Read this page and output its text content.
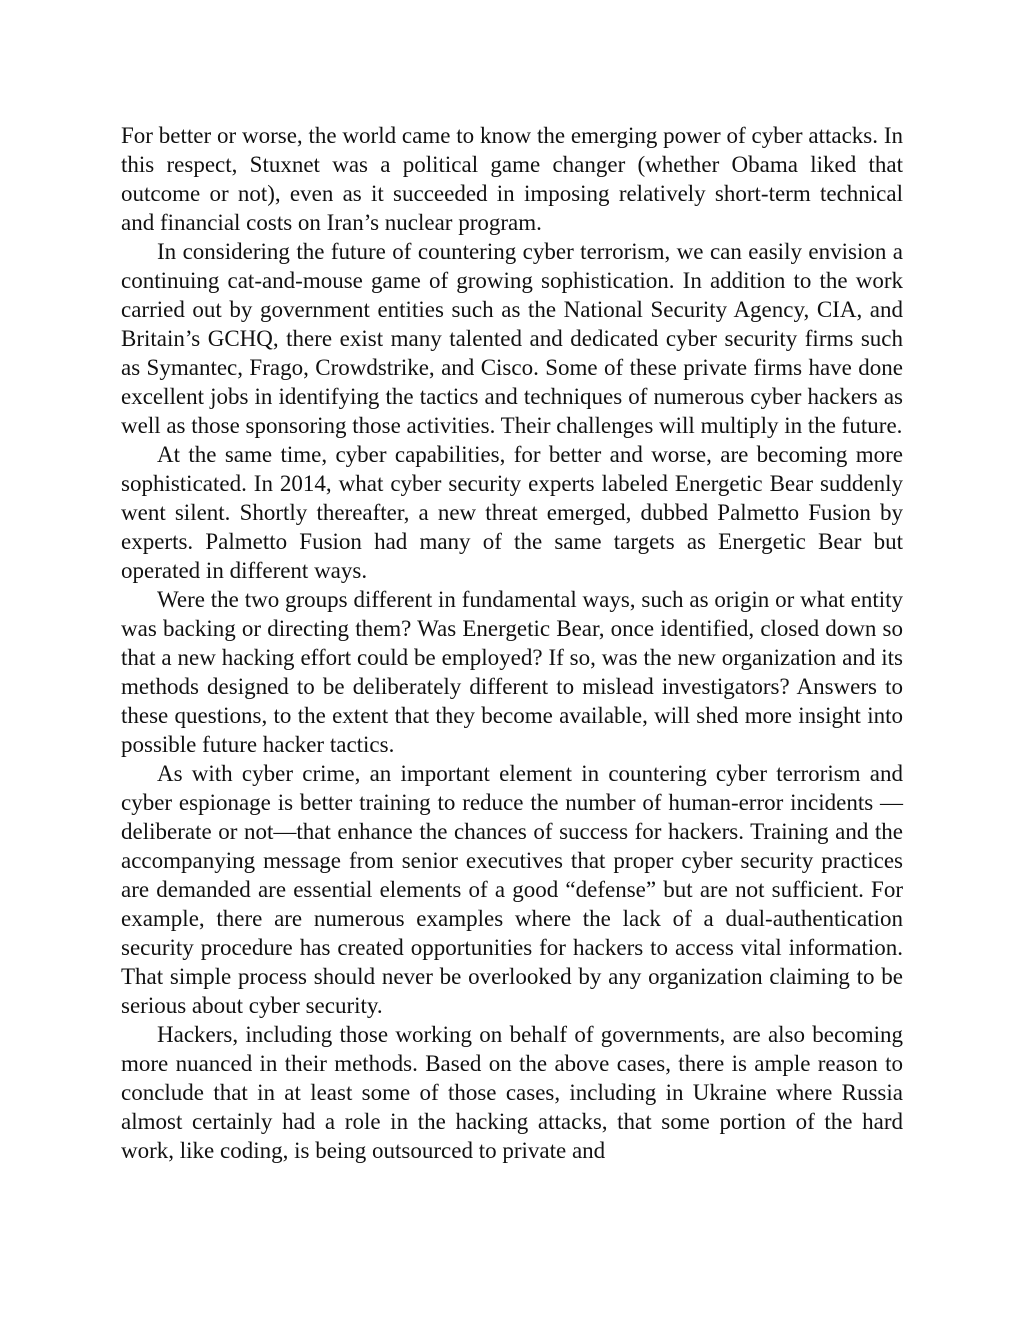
For better or worse, the world came to know the emerging power of cyber attacks. In this respect, Stuxnet was a political game changer (whether Obama liked that outcome or not), even as it succeeded in imposing relatively short-term technical and financial costs on Iran’s nuclear program.

In considering the future of countering cyber terrorism, we can easily envision a continuing cat-and-mouse game of growing sophistication. In addition to the work carried out by government entities such as the National Security Agency, CIA, and Britain’s GCHQ, there exist many talented and dedicated cyber security firms such as Symantec, Frago, Crowdstrike, and Cisco. Some of these private firms have done excellent jobs in identifying the tactics and techniques of numerous cyber hackers as well as those sponsoring those activities. Their challenges will multiply in the future.

At the same time, cyber capabilities, for better and worse, are becoming more sophisticated. In 2014, what cyber security experts labeled Energetic Bear suddenly went silent. Shortly thereafter, a new threat emerged, dubbed Palmetto Fusion by experts. Palmetto Fusion had many of the same targets as Energetic Bear but operated in different ways.

Were the two groups different in fundamental ways, such as origin or what entity was backing or directing them? Was Energetic Bear, once identified, closed down so that a new hacking effort could be employed? If so, was the new organization and its methods designed to be deliberately different to mislead investigators? Answers to these questions, to the extent that they become available, will shed more insight into possible future hacker tactics.

As with cyber crime, an important element in countering cyber terrorism and cyber espionage is better training to reduce the number of human-error incidents —deliberate or not—that enhance the chances of success for hackers. Training and the accompanying message from senior executives that proper cyber security practices are demanded are essential elements of a good “defense” but are not sufficient. For example, there are numerous examples where the lack of a dual-authentication security procedure has created opportunities for hackers to access vital information. That simple process should never be overlooked by any organization claiming to be serious about cyber security.

Hackers, including those working on behalf of governments, are also becoming more nuanced in their methods. Based on the above cases, there is ample reason to conclude that in at least some of those cases, including in Ukraine where Russia almost certainly had a role in the hacking attacks, that some portion of the hard work, like coding, is being outsourced to private and
